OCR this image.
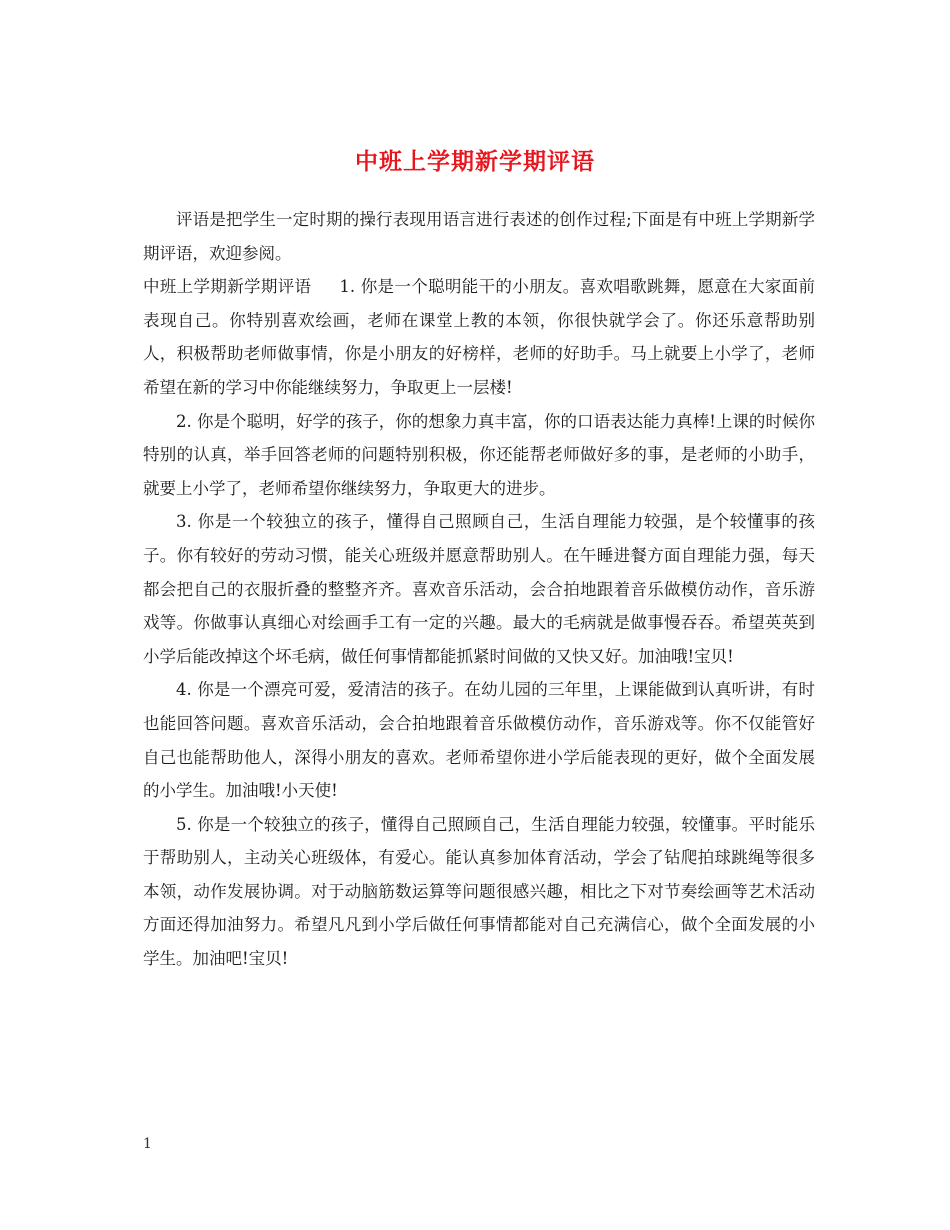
中班上学期新学期评语

评语是把学生一定时期的操行表现用语言进行表述的创作过程;下面是有中班上学期新学期评语，欢迎参阅。

中班上学期新学期评语 1. 你是一个聪明能干的小朋友。喜欢唱歌跳舞，愿意在大家面前表现自己。你特别喜欢绘画，老师在课堂上教的本领，你很快就学会了。你还乐意帮助别人，积极帮助老师做事情，你是小朋友的好榜样，老师的好助手。马上就要上小学了，老师希望在新的学习中你能继续努力，争取更上一层楼!

2. 你是个聪明，好学的孩子，你的想象力真丰富，你的口语表达能力真棒!上课的时候你特别的认真，举手回答老师的问题特别积极，你还能帮老师做好多的事，是老师的小助手，就要上小学了，老师希望你继续努力，争取更大的进步。

3. 你是一个较独立的孩子，懂得自己照顾自己，生活自理能力较强，是个较懂事的孩子。你有较好的劳动习惯，能关心班级并愿意帮助别人。在午睡进餐方面自理能力强，每天都会把自己的衣服折叠的整整齐齐。喜欢音乐活动，会合拍地跟着音乐做模仿动作，音乐游戏等。你做事认真细心对绘画手工有一定的兴趣。最大的毛病就是做事慢吞吞。希望英英到小学后能改掉这个坏毛病，做任何事情都能抓紧时间做的又快又好。加油哦!宝贝!

4. 你是一个漂亮可爱，爱清洁的孩子。在幼儿园的三年里，上课能做到认真听讲，有时也能回答问题。喜欢音乐活动，会合拍地跟着音乐做模仿动作，音乐游戏等。你不仅能管好自己也能帮助他人，深得小朋友的喜欢。老师希望你进小学后能表现的更好，做个全面发展的小学生。加油哦!小天使!

5. 你是一个较独立的孩子，懂得自己照顾自己，生活自理能力较强，较懂事。平时能乐于帮助别人，主动关心班级体，有爱心。能认真参加体育活动，学会了钻爬拍球跳绳等很多本领，动作发展协调。对于动脑筋数运算等问题很感兴趣，相比之下对节奏绘画等艺术活动方面还得加油努力。希望凡凡到小学后做任何事情都能对自己充满信心，做个全面发展的小学生。加油吧!宝贝!

1
